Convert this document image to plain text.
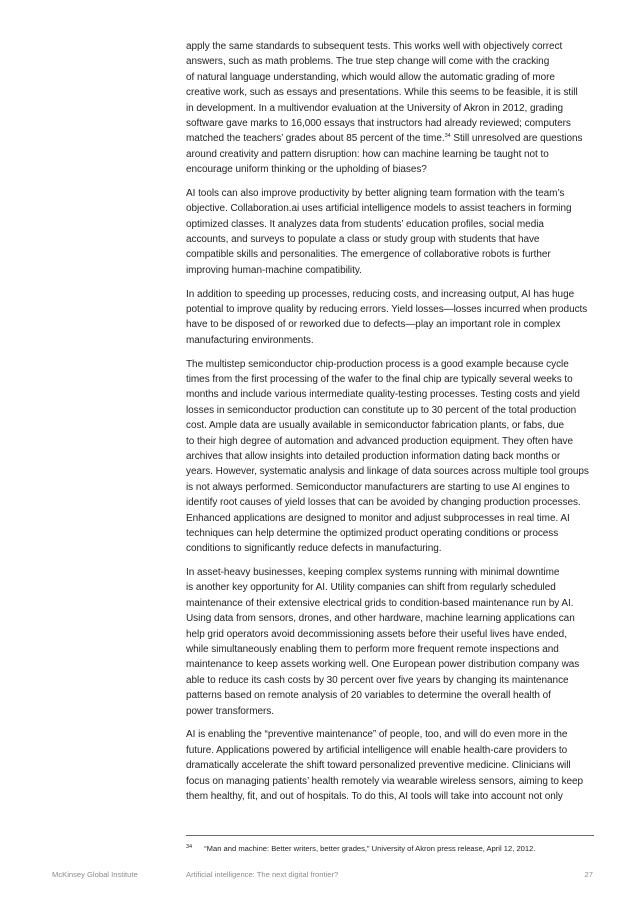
apply the same standards to subsequent tests. This works well with objectively correct
answers, such as math problems. The true step change will come with the cracking
of natural language understanding, which would allow the automatic grading of more
creative work, such as essays and presentations. While this seems to be feasible, it is still
in development. In a multivendor evaluation at the University of Akron in 2012, grading
software gave marks to 16,000 essays that instructors had already reviewed; computers
matched the teachers’ grades about 85 percent of the time.$^{34}$ Still unresolved are questions
around creativity and pattern disruption: how can machine learning be taught not to
encourage uniform thinking or the upholding of biases?
AI tools can also improve productivity by better aligning team formation with the team’s
objective. Collaboration.ai uses artificial intelligence models to assist teachers in forming
optimized classes. It analyzes data from students’ education profiles, social media
accounts, and surveys to populate a class or study group with students that have
compatible skills and personalities. The emergence of collaborative robots is further
improving human-machine compatibility.
In addition to speeding up processes, reducing costs, and increasing output, AI has huge
potential to improve quality by reducing errors. Yield losses—losses incurred when products
have to be disposed of or reworked due to defects—play an important role in complex
manufacturing environments.
The multistep semiconductor chip-production process is a good example because cycle
times from the first processing of the wafer to the final chip are typically several weeks to
months and include various intermediate quality-testing processes. Testing costs and yield
losses in semiconductor production can constitute up to 30 percent of the total production
cost. Ample data are usually available in semiconductor fabrication plants, or fabs, due
to their high degree of automation and advanced production equipment. They often have
archives that allow insights into detailed production information dating back months or
years. However, systematic analysis and linkage of data sources across multiple tool groups
is not always performed. Semiconductor manufacturers are starting to use AI engines to
identify root causes of yield losses that can be avoided by changing production processes.
Enhanced applications are designed to monitor and adjust subprocesses in real time. AI
techniques can help determine the optimized product operating conditions or process
conditions to significantly reduce defects in manufacturing.
In asset-heavy businesses, keeping complex systems running with minimal downtime
is another key opportunity for AI. Utility companies can shift from regularly scheduled
maintenance of their extensive electrical grids to condition-based maintenance run by AI.
Using data from sensors, drones, and other hardware, machine learning applications can
help grid operators avoid decommissioning assets before their useful lives have ended,
while simultaneously enabling them to perform more frequent remote inspections and
maintenance to keep assets working well. One European power distribution company was
able to reduce its cash costs by 30 percent over five years by changing its maintenance
patterns based on remote analysis of 20 variables to determine the overall health of
power transformers.
AI is enabling the “preventive maintenance” of people, too, and will do even more in the
future. Applications powered by artificial intelligence will enable health-care providers to
dramatically accelerate the shift toward personalized preventive medicine. Clinicians will
focus on managing patients’ health remotely via wearable wireless sensors, aiming to keep
them healthy, fit, and out of hospitals. To do this, AI tools will take into account not only
$^{34}$ “Man and machine: Better writers, better grades,” University of Akron press release, April 12, 2012.
McKinsey Global Institute	Artificial intelligence: The next digital frontier?	27
